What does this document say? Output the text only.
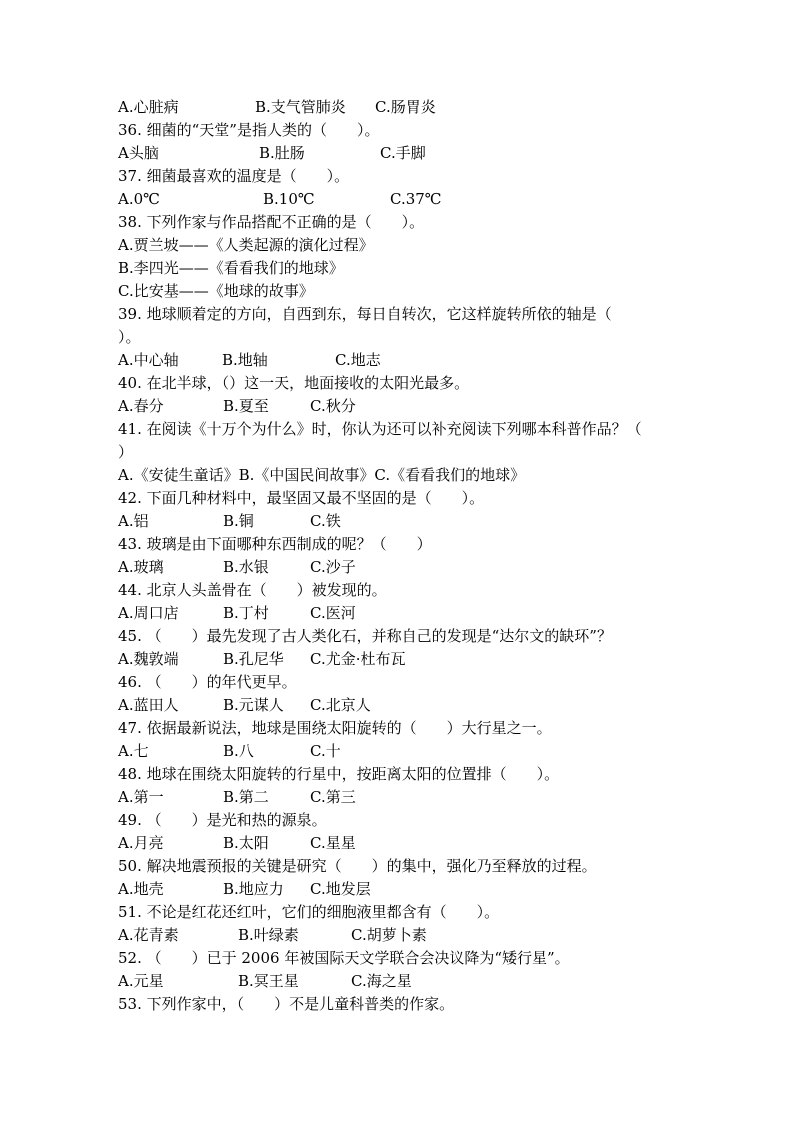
A.心脏病	B.支气管肺炎 C.肠胃炎
36. 细菌的“天堂”是指人类的（　　）。
A头脑	B.肚肠	C.手脚
37. 细菌最喜欢的温度是（　　）。
A.0℃	B.10℃	C.37℃
38. 下列作家与作品搭配不正确的是（　　）。
A.贾兰坡——《人类起源的演化过程》
B.李四光——《看看我们的地球》
C.比安基——《地球的故事》
39. 地球顺着定的方向，自西到东，每日自转次，它这样旋转所依的轴是（
）。
A.中心轴	B.地轴	C.地志
40. 在北半球，（）这一天，地面接收的太阳光最多。
A.春分	B.夏至	C.秋分
41. 在阅读《十万个为什么》时，你认为还可以补充阅读下列哪本科普作品？（
）
A.《安徒生童话》B.《中国民间故事》C.《看看我们的地球》
42. 下面几种材料中，最坚固又最不坚固的是（　　）。
A.铝	B.铜	C.铁
43. 玻璃是由下面哪种东西制成的呢？（　　）
A.玻璃	B.水银	C.沙子
44. 北京人头盖骨在（　　）被发现的。
A.周口店	B.丁村	C.医河
45. （　　）最先发现了古人类化石，并称自己的发现是“达尔文的缺环”？
A.魏敦端	B.孔尼华 C.尤金·杜布瓦
46. （　　）的年代更早。
A.蓝田人	B.元谋人 C.北京人
47. 依据最新说法，地球是围绕太阳旋转的（　　）大行星之一。
A.七	B.八	C.十
48. 地球在围绕太阳旋转的行星中，按距离太阳的位置排（　　）。
A.第一	B.第二	C.第三
49. （　　）是光和热的源泉。
A.月亮	B.太阳	C.星星
50. 解决地震预报的关键是研究（　　）的集中，强化乃至释放的过程。
A.地壳	B.地应力 C.地发层
51. 不论是红花还红叶，它们的细胞液里都含有（　　）。
A.花青素	B.叶绿素	C.胡萝卜素
52. （　　）已于 2006 年被国际天文学联合会决议降为“矮行星”。
A.元星	B.冥王星	C.海之星
53. 下列作家中，（　　）不是儿童科普类的作家。
